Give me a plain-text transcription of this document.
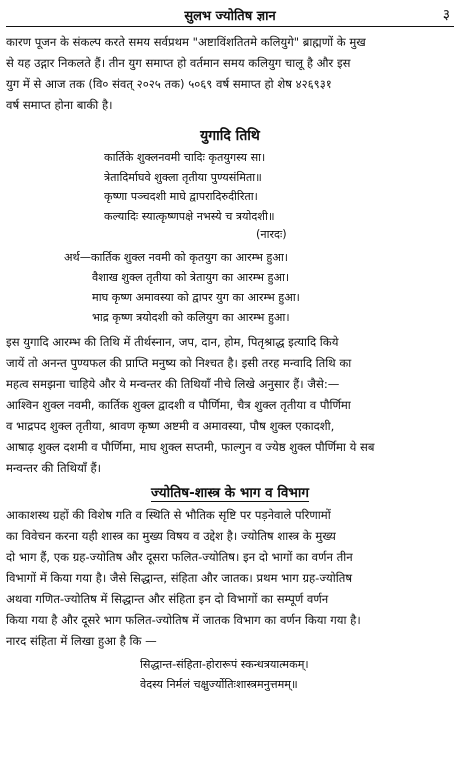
सुलभ ज्योतिष ज्ञान	३

कारण पूजन के संकल्प करते समय सर्वप्रथम "अष्टाविंशतितमे कलियुगे" ब्राह्मणों के मुख

से यह उद्गार निकलते हैं। तीन युग समाप्त हो वर्तमान समय कलियुग चालू है और इस

युग में से आज तक (वि० संवत् २०२५ तक) ५०६९ वर्ष समाप्त हो शेष ४२६९३१

वर्ष समाप्त होना बाकी है।

युगादि तिथि

कार्तिके शुक्लनवमी चादिः कृतयुगस्य सा।

त्रेतादिर्माघवे शुक्ला तृतीया पुण्यसंमिता॥

कृष्णा पञ्चदशी माघे द्वापरादिरुदीरिता।

कल्यादिः स्यात्कृष्णपक्षे नभस्ये च त्रयोदशी॥

(नारदः)

अर्थ—कार्तिक शुक्ल नवमी को कृतयुग का आरम्भ हुआ।

वैशाख शुक्ल तृतीया को त्रेतायुग का आरम्भ हुआ।

माघ कृष्ण अमावस्या को द्वापर युग का आरम्भ हुआ।

भाद्र कृष्ण त्रयोदशी को कलियुग का आरम्भ हुआ।

इस युगादि आरम्भ की तिथि में तीर्थस्नान, जप, दान, होम, पितृश्राद्ध इत्यादि किये

जायें तो अनन्त पुण्यफल की प्राप्ति मनुष्य को निश्चत है। इसी तरह मन्वादि तिथि का

महत्व समझना चाहिये और ये मन्वन्तर की तिथियाँ नीचे लिखे अनुसार हैं। जैसे:—

आश्विन शुक्ल नवमी, कार्तिक शुक्ल द्वादशी व पौर्णिमा, चैत्र शुक्ल तृतीया व पौर्णिमा

व भाद्रपद शुक्ल तृतीया, श्रावण कृष्ण अष्टमी व अमावस्या, पौष शुक्ल एकादशी,

आषाढ़ शुक्ल दशमी व पौर्णिमा, माघ शुक्ल सप्तमी, फाल्गुन व ज्येष्ठ शुक्ल पौर्णिमा ये सब

मन्वन्तर की तिथियाँ हैं।

ज्योतिष-शास्त्र के भाग व विभाग

आकाशस्थ ग्रहों की विशेष गति व स्थिति से भौतिक सृष्टि पर पड़नेवाले परिणामों

का विवेचन करना यही शास्त्र का मुख्य विषय व उद्देश है। ज्योतिष शास्त्र के मुख्य

दो भाग हैं, एक ग्रह-ज्योतिष और दूसरा फलित-ज्योतिष। इन दो भागों का वर्णन तीन

विभागों में किया गया है। जैसे सिद्धान्त, संहिता और जातक। प्रथम भाग ग्रह-ज्योतिष

अथवा गणित-ज्योतिष में सिद्धान्त और संहिता इन दो विभागों का सम्पूर्ण वर्णन

किया गया है और दूसरे भाग फलित-ज्योतिष में जातक विभाग का वर्णन किया गया है।

नारद संहिता में लिखा हुआ है कि —

सिद्धान्त-संहिता-होरारूपं स्कन्धत्रयात्मकम्।

वेदस्य निर्मलं चक्षुर्ज्योतिःशास्त्रमनुत्तमम्॥
